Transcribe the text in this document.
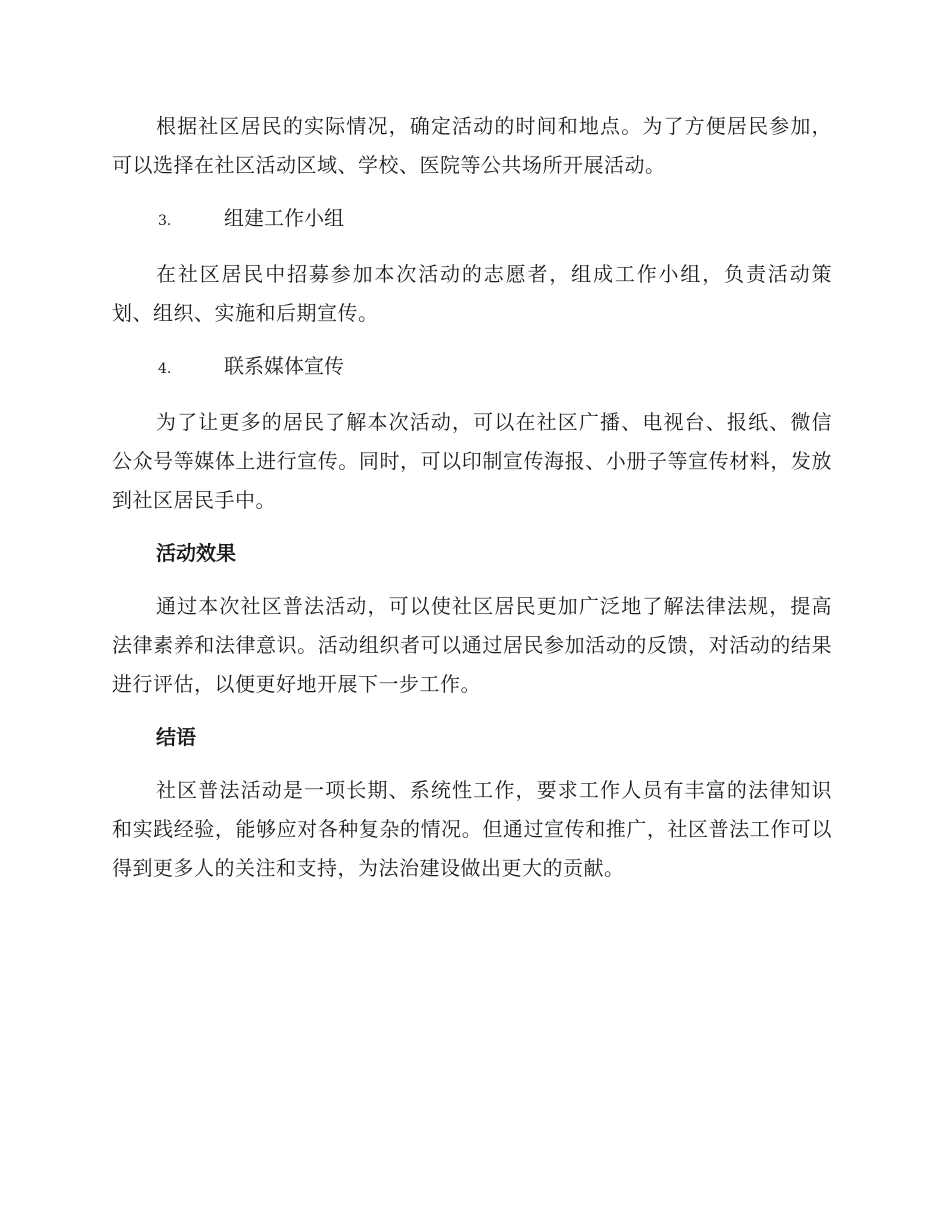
根据社区居民的实际情况，确定活动的时间和地点。为了方便居民参加，可以选择在社区活动区域、学校、医院等公共场所开展活动。

3.	组建工作小组

在社区居民中招募参加本次活动的志愿者，组成工作小组，负责活动策划、组织、实施和后期宣传。

4.	联系媒体宣传

为了让更多的居民了解本次活动，可以在社区广播、电视台、报纸、微信公众号等媒体上进行宣传。同时，可以印制宣传海报、小册子等宣传材料，发放到社区居民手中。

活动效果

通过本次社区普法活动，可以使社区居民更加广泛地了解法律法规，提高法律素养和法律意识。活动组织者可以通过居民参加活动的反馈，对活动的结果进行评估，以便更好地开展下一步工作。

结语

社区普法活动是一项长期、系统性工作，要求工作人员有丰富的法律知识和实践经验，能够应对各种复杂的情况。但通过宣传和推广，社区普法工作可以得到更多人的关注和支持，为法治建设做出更大的贡献。
